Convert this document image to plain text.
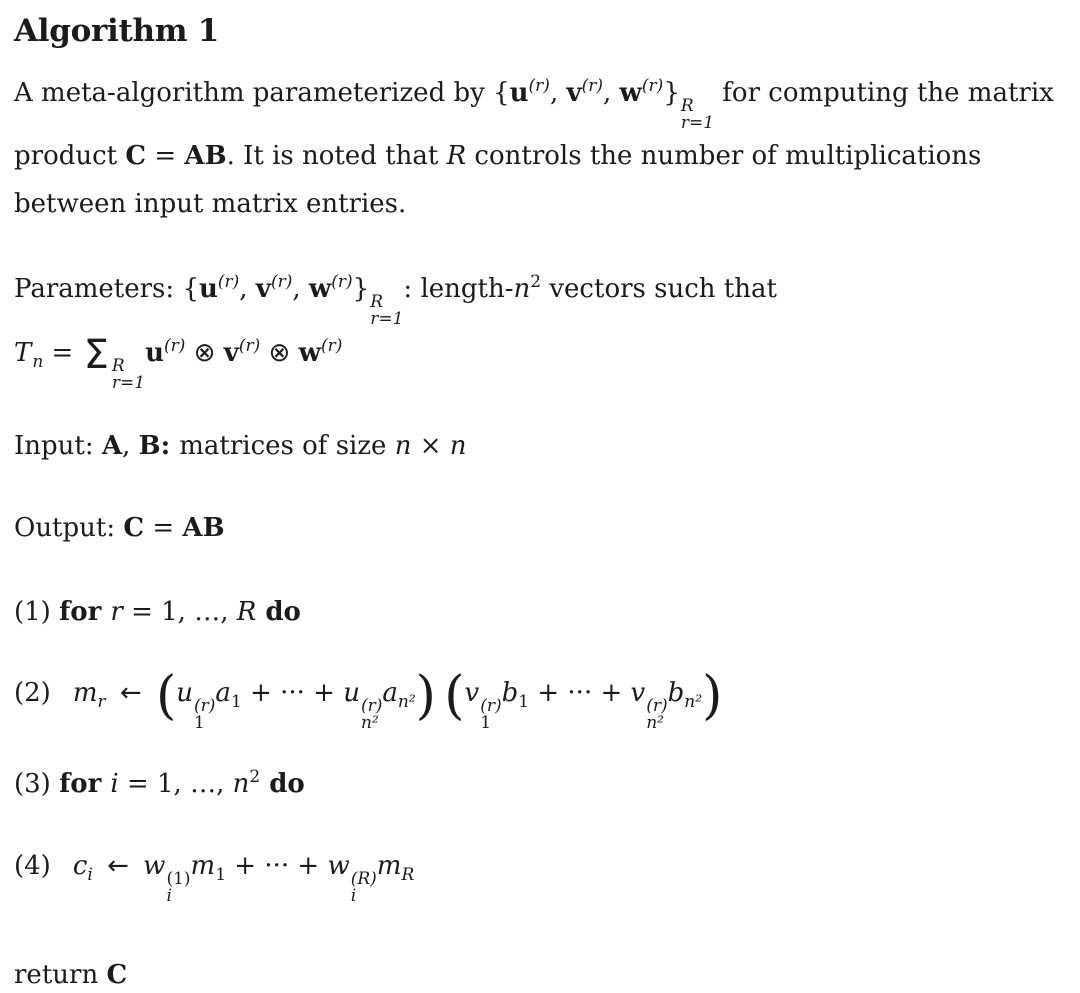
Algorithm 1

A meta-algorithm parameterized by {$u^{(r)}$, $v^{(r)}$, $w^{(r)}$} R
r=1
for computing the matrix product C = AB. It is noted that R controls the number of multiplications between input matrix entries.

Parameters: {$u^{(r)}$, $v^{(r)}$, $w^{(r)}$} R
r=1
: length-$n^2$ vectors such that
$T_n = \Sigma$ R
r=1
$u^{(r)}$ ⊗ $v^{(r)}$ ⊗ $w^{(r)}$

Input: A, B: matrices of size n × n

Output: C = AB

(1) for r = 1, …, R do

(2) $m_r$ ← (u (r)
1
$a_1$ + ··· + u (r)
n²
$a_{n^2}$) (v (r)
1
$b_1$ + ··· + v (r)
n²
$b_{n^2}$)

(3) for i = 1, …, $n^2$ do

(4) $c_i$ ← w (1)
i
$m_1$ + ··· + w (R)
i
$m_R$

return C
